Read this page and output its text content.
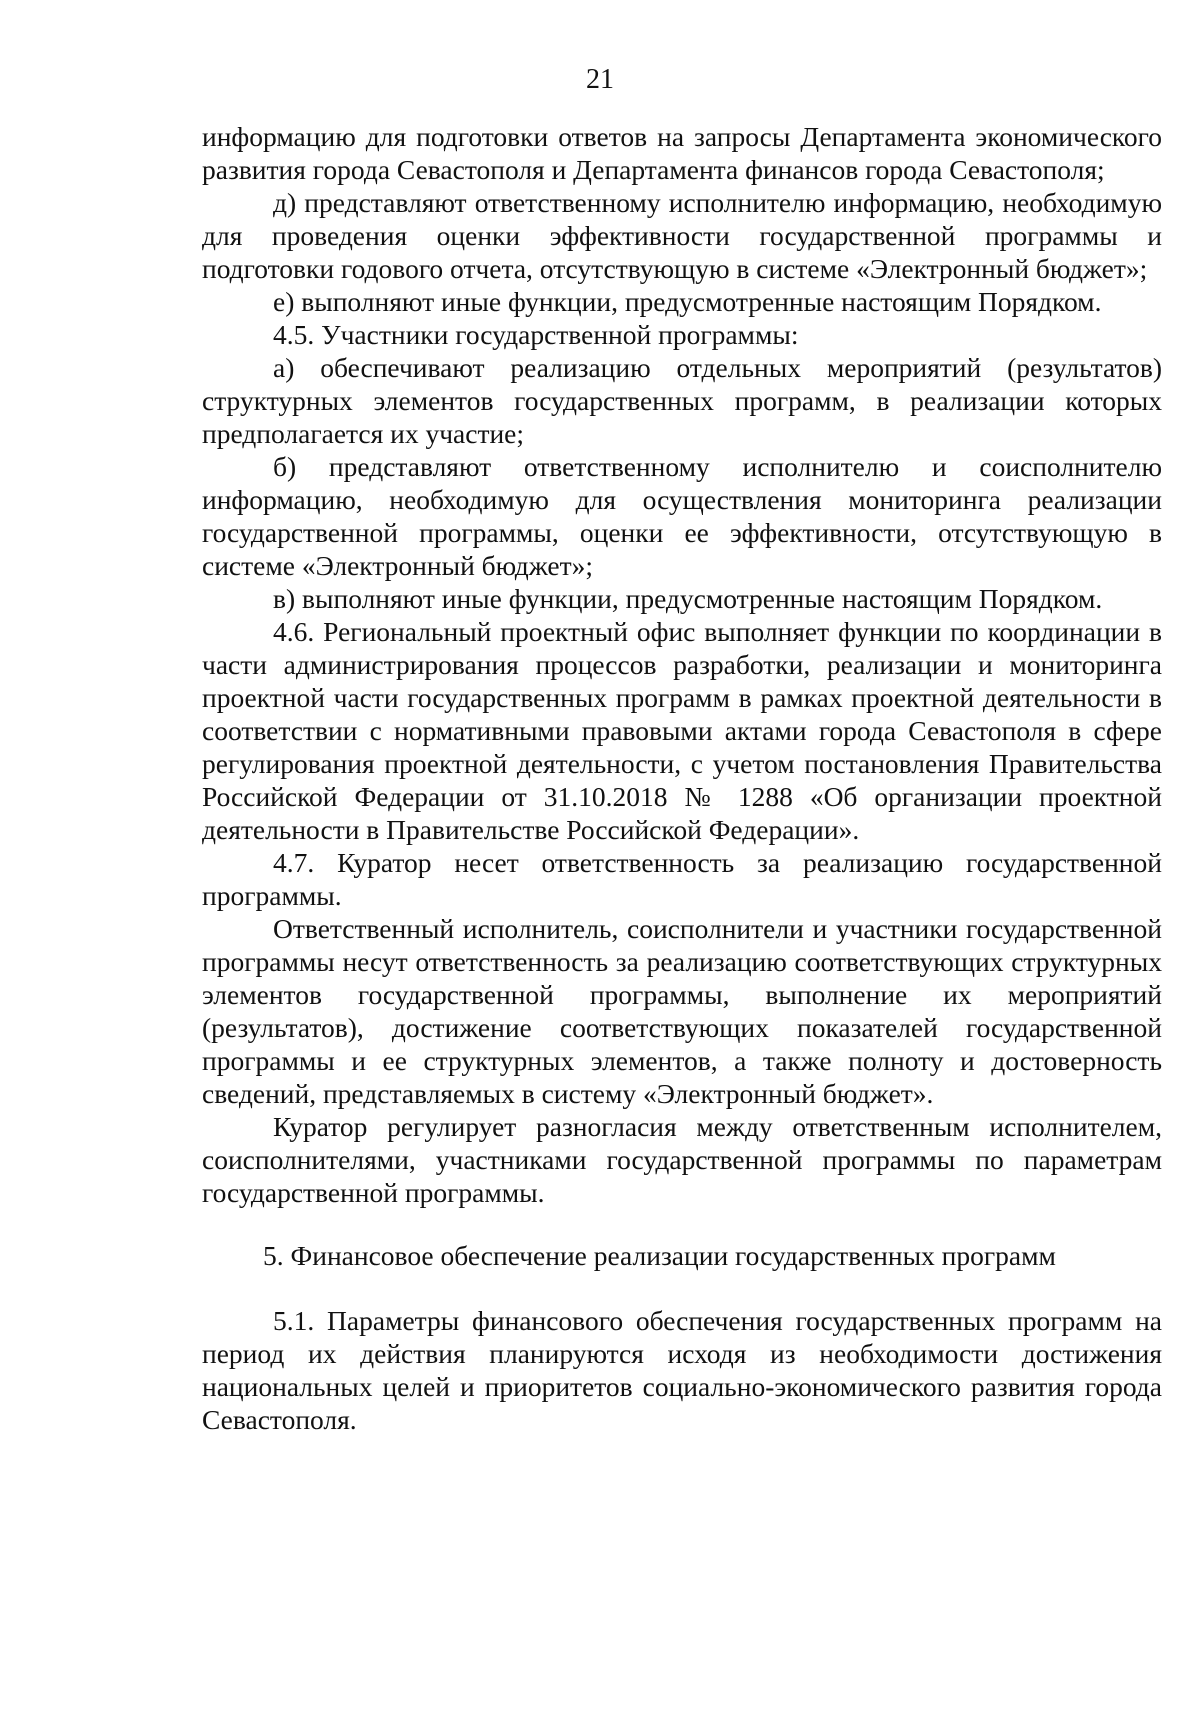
21

информацию для подготовки ответов на запросы Департамента экономического развития города Севастополя и Департамента финансов города Севастополя;

д) представляют ответственному исполнителю информацию, необходимую для проведения оценки эффективности государственной программы и подготовки годового отчета, отсутствующую в системе «Электронный бюджет»;

е) выполняют иные функции, предусмотренные настоящим Порядком.

4.5. Участники государственной программы:

а) обеспечивают реализацию отдельных мероприятий (результатов) структурных элементов государственных программ, в реализации которых предполагается их участие;

б) представляют ответственному исполнителю и соисполнителю информацию, необходимую для осуществления мониторинга реализации государственной программы, оценки ее эффективности, отсутствующую в системе «Электронный бюджет»;

в) выполняют иные функции, предусмотренные настоящим Порядком.

4.6. Региональный проектный офис выполняет функции по координации в части администрирования процессов разработки, реализации и мониторинга проектной части государственных программ в рамках проектной деятельности в соответствии с нормативными правовыми актами города Севастополя в сфере регулирования проектной деятельности, с учетом постановления Правительства Российской Федерации от 31.10.2018 № 1288 «Об организации проектной деятельности в Правительстве Российской Федерации».

4.7. Куратор несет ответственность за реализацию государственной программы.

Ответственный исполнитель, соисполнители и участники государственной программы несут ответственность за реализацию соответствующих структурных элементов государственной программы, выполнение их мероприятий (результатов), достижение соответствующих показателей государственной программы и ее структурных элементов, а также полноту и достоверность сведений, представляемых в систему «Электронный бюджет».

Куратор регулирует разногласия между ответственным исполнителем, соисполнителями, участниками государственной программы по параметрам государственной программы.

5. Финансовое обеспечение реализации государственных программ

5.1. Параметры финансового обеспечения государственных программ на период их действия планируются исходя из необходимости достижения национальных целей и приоритетов социально-экономического развития города Севастополя.
